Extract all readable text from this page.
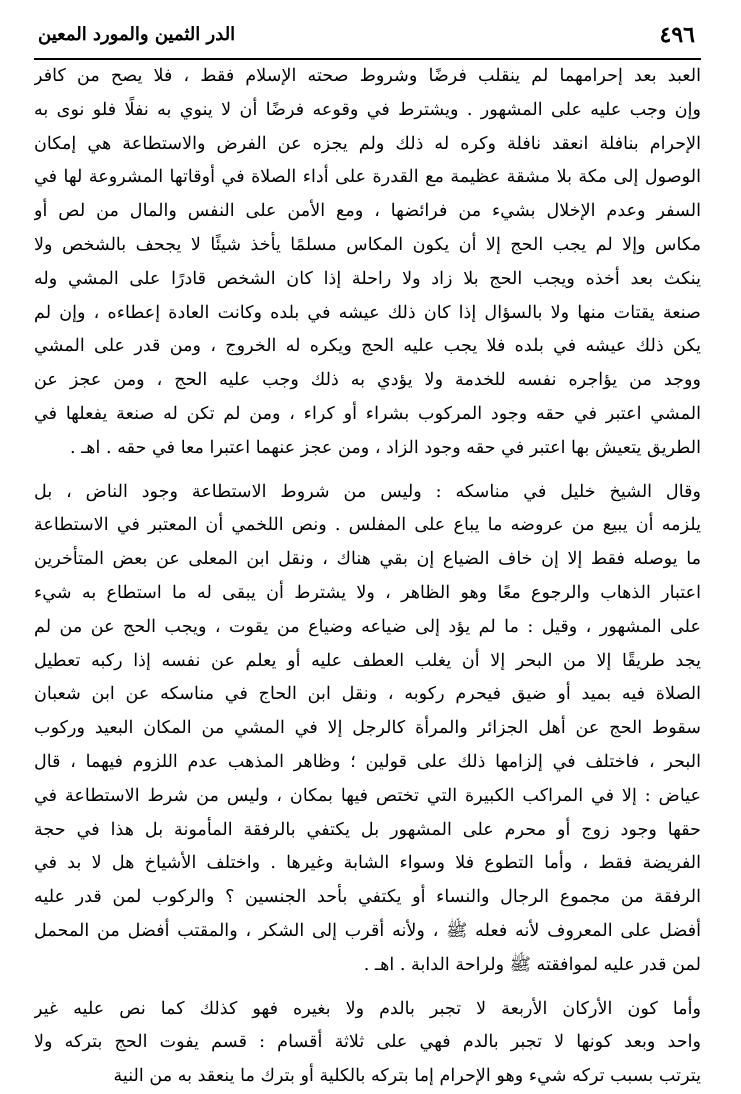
٤٩٦
الدر الثمين والمورد المعين
العبد بعد إحرامهما لم ينقلب فرضًا وشروط صحته الإسلام فقط ، فلا يصح من كافر
وإن وجب عليه على المشهور . ويشترط في وقوعه فرضًا أن لا ينوي به نفلًا فلو نوى به
الإحرام بنافلة انعقد نافلة وكره له ذلك ولم يجزه عن الفرض والاستطاعة هي إمكان
الوصول إلى مكة بلا مشقة عظيمة مع القدرة على أداء الصلاة في أوقاتها المشروعة لها في
السفر وعدم الإخلال بشيء من فرائضها ، ومع الأمن على النفس والمال من لص أو
مكاس وإلا لم يجب الحج إلا أن يكون المكاس مسلمًا يأخذ شيئًا لا يجحف بالشخص ولا
ينكث بعد أخذه ويجب الحج بلا زاد ولا راحلة إذا كان الشخص قادرًا على المشي وله
صنعة يقتات منها ولا بالسؤال إذا كان ذلك عيشه في بلده وكانت العادة إعطاءه ، وإن لم
يكن ذلك عيشه في بلده فلا يجب عليه الحج ويكره له الخروج ، ومن قدر على المشي
ووجد من يؤاجره نفسه للخدمة ولا يؤدي به ذلك وجب عليه الحج ، ومن عجز عن
المشي اعتبر في حقه وجود المركوب بشراء أو كراء ، ومن لم تكن له صنعة يفعلها في
الطريق يتعيش بها اعتبر في حقه وجود الزاد ، ومن عجز عنهما اعتبرا معا في حقه . اهـ .
وقال الشيخ خليل في مناسكه : وليس من شروط الاستطاعة وجود الناض ، بل
يلزمه أن يبيع من عروضه ما يباع على المفلس . ونص اللخمي أن المعتبر في الاستطاعة
ما يوصله فقط إلا إن خاف الضياع إن بقي هناك ، ونقل ابن المعلى عن بعض المتأخرين
اعتبار الذهاب والرجوع معًا وهو الظاهر ، ولا يشترط أن يبقى له ما استطاع به شيء
على المشهور ، وقيل : ما لم يؤد إلى ضياعه وضياع من يقوت ، ويجب الحج عن من لم
يجد طريقًا إلا من البحر إلا أن يغلب العطف عليه أو يعلم عن نفسه إذا ركبه تعطيل
الصلاة فيه بميد أو ضيق فيحرم ركوبه ، ونقل ابن الحاج في مناسكه عن ابن شعبان
سقوط الحج عن أهل الجزائر والمرأة كالرجل إلا في المشي من المكان البعيد وركوب
البحر ، فاختلف في إلزامها ذلك على قولين ؛ وظاهر المذهب عدم اللزوم فيهما ، قال
عياض : إلا في المراكب الكبيرة التي تختص فيها بمكان ، وليس من شرط الاستطاعة في
حقها وجود زوج أو محرم على المشهور بل يكتفي بالرفقة المأمونة بل هذا في حجة
الفريضة فقط ، وأما التطوع فلا وسواء الشابة وغيرها . واختلف الأشياخ هل لا بد في
الرفقة من مجموع الرجال والنساء أو يكتفي بأحد الجنسين ؟ والركوب لمن قدر عليه
أفضل على المعروف لأنه فعله ﷺ ، ولأنه أقرب إلى الشكر ، والمقتب أفضل من المحمل
لمن قدر عليه لموافقته ﷺ ولراحة الدابة . اهـ .
وأما كون الأركان الأربعة لا تجبر بالدم ولا بغيره فهو كذلك كما نص عليه غير
واحد وبعد كونها لا تجبر بالدم فهي على ثلاثة أقسام : قسم يفوت الحج بتركه ولا
يترتب بسبب تركه شيء وهو الإحرام إما بتركه بالكلية أو بترك ما ينعقد به من النية
